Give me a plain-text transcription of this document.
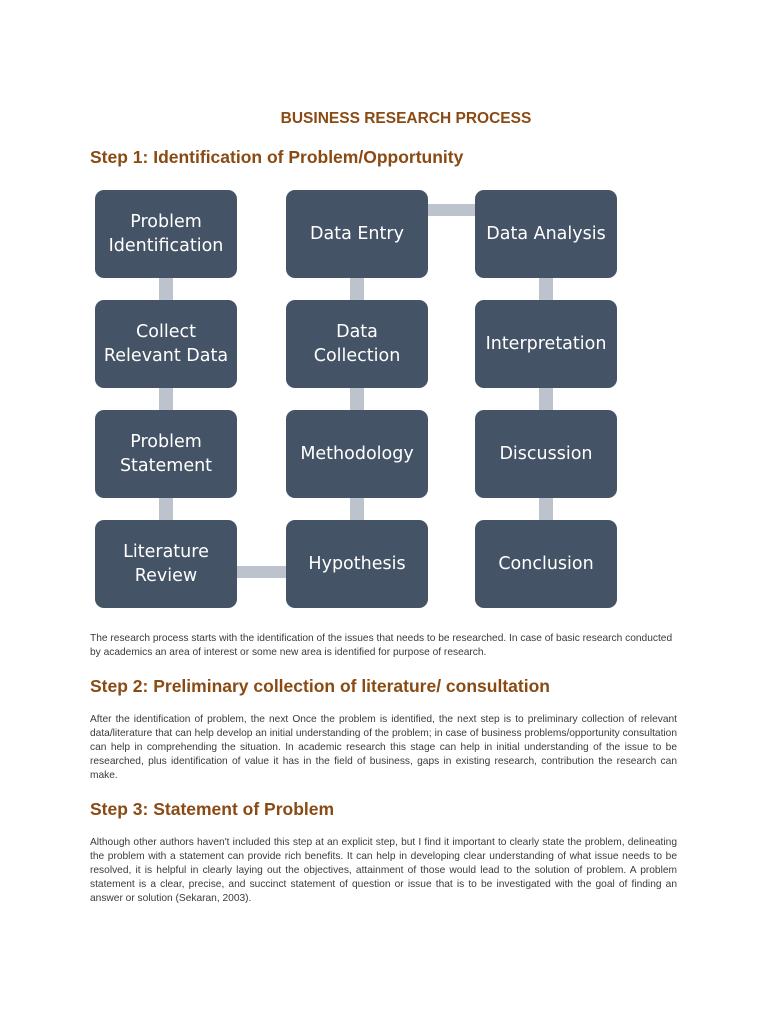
BUSINESS RESEARCH PROCESS
Step 1: Identification of Problem/Opportunity
Problem
Identification
Collect
Relevant Data
Problem
Statement
Literature
Review
Data Entry
Data
Collection
Methodology
Hypothesis
Data Analysis
Interpretation
Discussion
Conclusion

The research process starts with the identification of the issues that needs to be researched. In case of basic research conducted by academics an area of interest or some new area is identified for purpose of research.

Step 2: Preliminary collection of literature/ consultation

After the identification of problem, the next Once the problem is identified, the next step is to preliminary collection of relevant data/literature that can help develop an initial understanding of the problem; in case of business problems/opportunity consultation can help in comprehending the situation. In academic research this stage can help in initial understanding of the issue to be researched, plus identification of value it has in the field of business, gaps in existing research, contribution the research can make.

Step 3: Statement of Problem

Although other authors haven't included this step at an explicit step, but I find it important to clearly state the problem, delineating the problem with a statement can provide rich benefits. It can help in developing clear understanding of what issue needs to be resolved, it is helpful in clearly laying out the objectives, attainment of those would lead to the solution of problem. A problem statement is a clear, precise, and succinct statement of question or issue that is to be investigated with the goal of finding an answer or solution (Sekaran, 2003).
